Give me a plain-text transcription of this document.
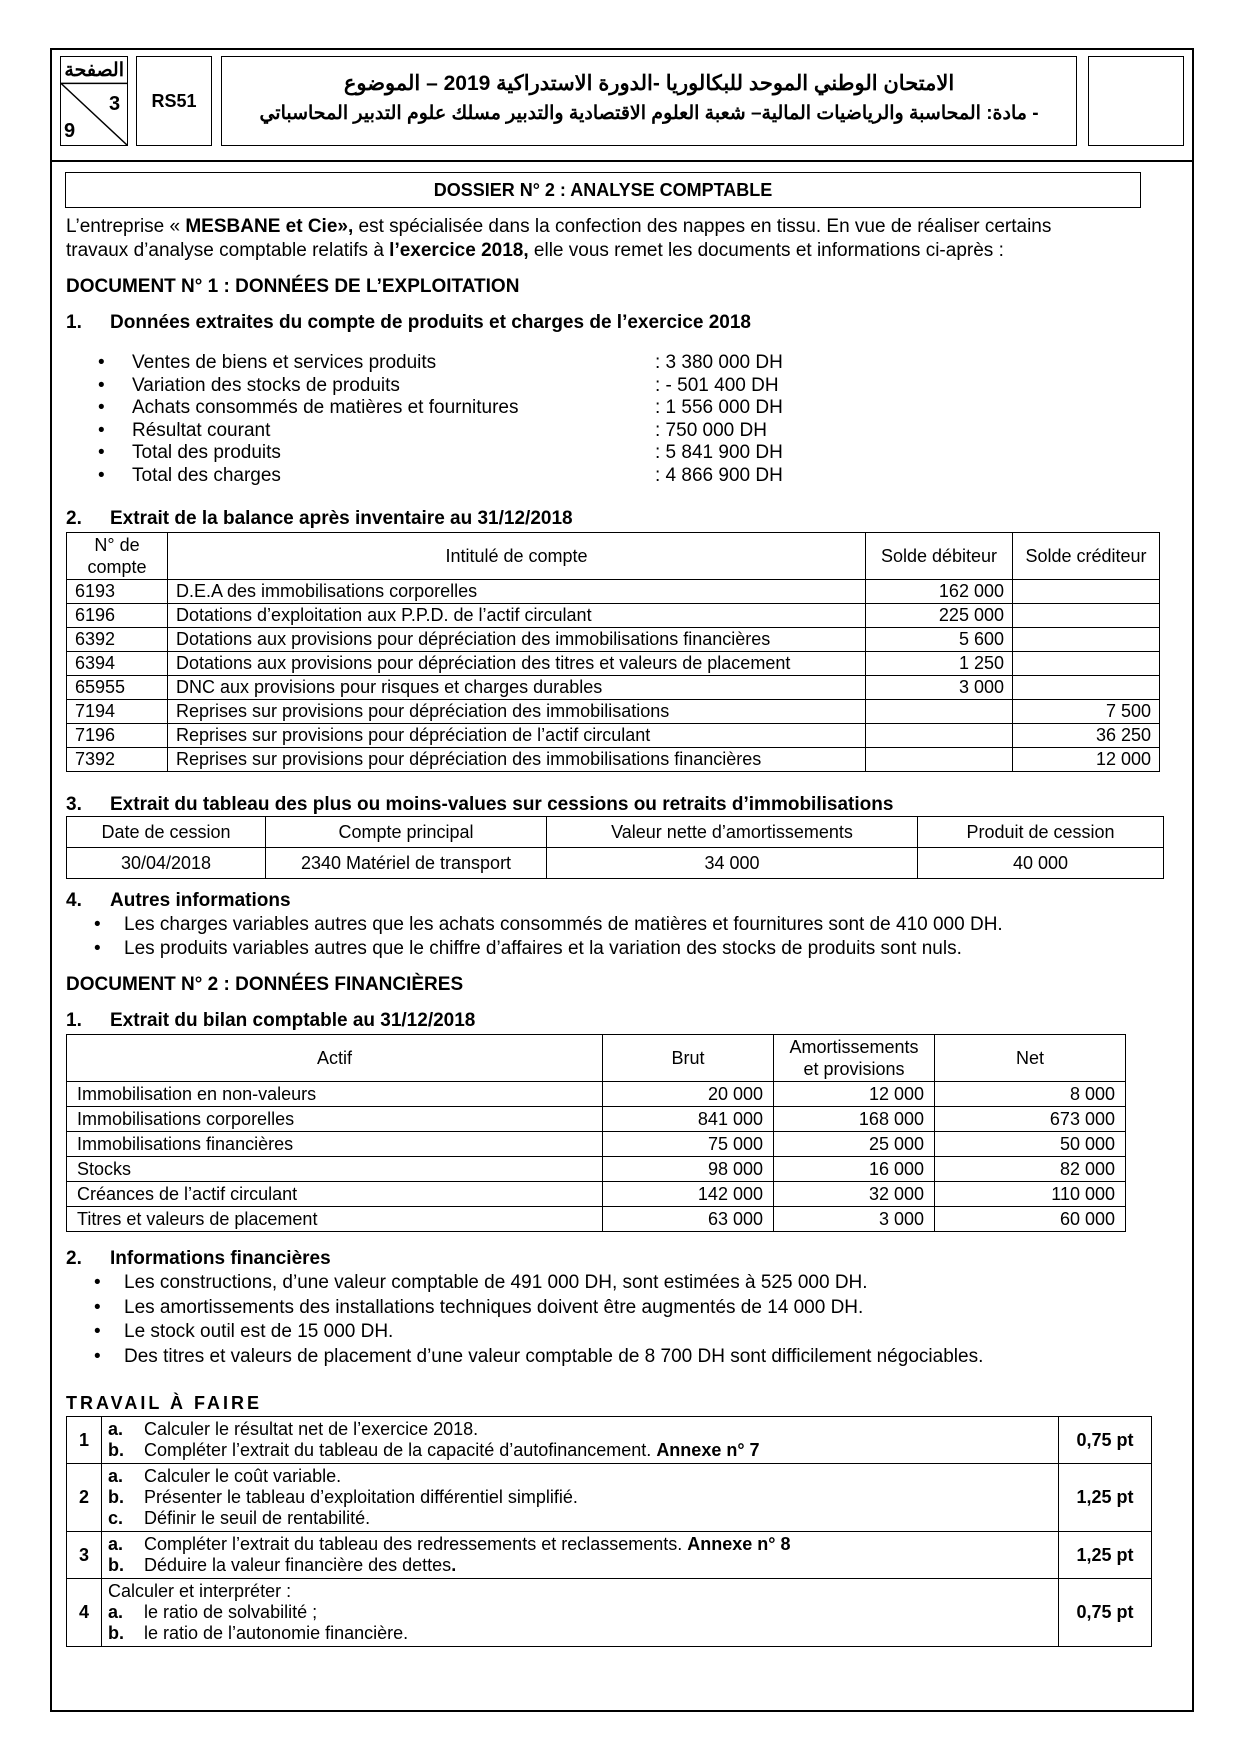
الصفحة
3
9
RS51
الامتحان الوطني الموحد للبكالوريا -الدورة الاستدراكية 2019 – الموضوع
- مادة: المحاسبة والرياضيات المالية– شعبة العلوم الاقتصادية والتدبير مسلك علوم التدبير المحاسباتي
DOSSIER N° 2 : ANALYSE COMPTABLE
L’entreprise « MESBANE et Cie», est spécialisée dans la confection des nappes en tissu. En vue de réaliser certains
travaux d’analyse comptable relatifs à l’exercice 2018, elle vous remet les documents et informations ci-après :
DOCUMENT N° 1 : DONNÉES DE L’EXPLOITATION
1. Données extraites du compte de produits et charges de l’exercice 2018
• Ventes de biens et services produits	: 3 380 000 DH
• Variation des stocks de produits	: - 501 400 DH
• Achats consommés de matières et fournitures	: 1 556 000 DH
• Résultat courant	: 750 000 DH
• Total des produits	: 5 841 900 DH
• Total des charges	: 4 866 900 DH
2. Extrait de la balance après inventaire au 31/12/2018
N° de compte	Intitulé de compte	Solde débiteur	Solde créditeur
6193	D.E.A des immobilisations corporelles	162 000	
6196	Dotations d’exploitation aux P.P.D. de l’actif circulant	225 000	
6392	Dotations aux provisions pour dépréciation des immobilisations financières	5 600	
6394	Dotations aux provisions pour dépréciation des titres et valeurs de placement	1 250	
65955	DNC aux provisions pour risques et charges durables	3 000	
7194	Reprises sur provisions pour dépréciation des immobilisations		7 500
7196	Reprises sur provisions pour dépréciation de l’actif circulant		36 250
7392	Reprises sur provisions pour dépréciation des immobilisations financières		12 000
3. Extrait du tableau des plus ou moins-values sur cessions ou retraits d’immobilisations
Date de cession	Compte principal	Valeur nette d’amortissements	Produit de cession
30/04/2018	2340 Matériel de transport	34 000	40 000
4. Autres informations
• Les charges variables autres que les achats consommés de matières et fournitures sont de 410 000 DH.
• Les produits variables autres que le chiffre d’affaires et la variation des stocks de produits sont nuls.
DOCUMENT N° 2 : DONNÉES FINANCIÈRES
1. Extrait du bilan comptable au 31/12/2018
Actif	Brut	Amortissements et provisions	Net
Immobilisation en non-valeurs	20 000	12 000	8 000
Immobilisations corporelles	841 000	168 000	673 000
Immobilisations financières	75 000	25 000	50 000
Stocks	98 000	16 000	82 000
Créances de l’actif circulant	142 000	32 000	110 000
Titres et valeurs de placement	63 000	3 000	60 000
2. Informations financières
• Les constructions, d’une valeur comptable de 491 000 DH, sont estimées à 525 000 DH.
• Les amortissements des installations techniques doivent être augmentés de 14 000 DH.
• Le stock outil est de 15 000 DH.
• Des titres et valeurs de placement d’une valeur comptable de 8 700 DH sont difficilement négociables.
TRAVAIL À FAIRE
1	a. Calculer le résultat net de l’exercice 2018.
b. Compléter l’extrait du tableau de la capacité d’autofinancement. Annexe n° 7	0,75 pt
2	a. Calculer le coût variable.
b. Présenter le tableau d’exploitation différentiel simplifié.
c. Définir le seuil de rentabilité.	1,25 pt
3	a. Compléter l’extrait du tableau des redressements et reclassements. Annexe n° 8
b. Déduire la valeur financière des dettes.	1,25 pt
4	Calculer et interpréter :
a. le ratio de solvabilité ;
b. le ratio de l’autonomie financière.	0,75 pt
